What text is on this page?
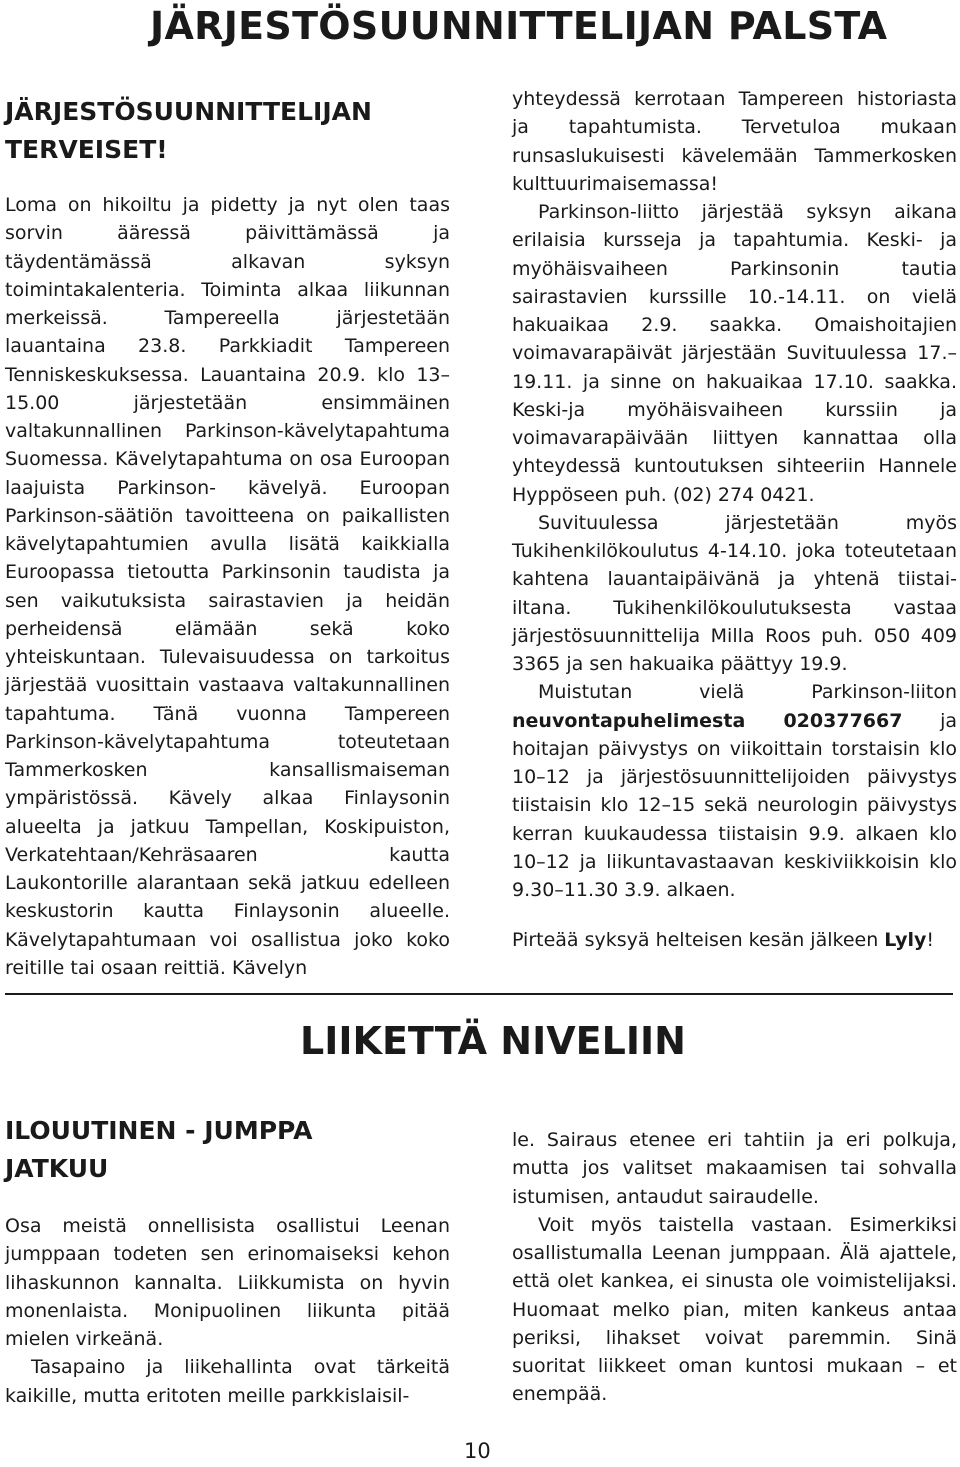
JÄRJESTÖSUUNNITTELIJAN PALSTA
JÄRJESTÖSUUNNITTELIJAN TERVEISET!

Loma on hikoiltu ja pidetty ja nyt olen taas sorvin ääressä päivittämässä ja täydentämässä alkavan syksyn toimintakalenteria. Toiminta alkaa liikunnan merkeissä. Tampereella järjestetään lauantaina 23.8. Parkkiadit Tampereen Tenniskeskuksessa. Lauantaina 20.9. klo 13–15.00 järjestetään ensimmäinen valtakunnallinen Parkinson-kävelytapahtuma Suomessa. Kävelytapahtuma on osa Euroopan laajuista Parkinson- kävelyä. Euroopan Parkinson-säätiön tavoitteena on paikallisten kävelytapahtumien avulla lisätä kaikkialla Euroopassa tietoutta Parkinsonin taudista ja sen vaikutuksista sairastavien ja heidän perheidensä elämään sekä koko yhteiskuntaan. Tulevaisuudessa on tarkoitus järjestää vuosittain vastaava valtakunnallinen tapahtuma. Tänä vuonna Tampereen Parkinson-kävelytapahtuma toteutetaan Tammerkosken kansallismaiseman ympäristössä. Kävely alkaa Finlaysonin alueelta ja jatkuu Tampellan, Koskipuiston, Verkatehtaan/Kehräsaaren kautta Laukontorille alarantaan sekä jatkuu edelleen keskustorin kautta Finlaysonin alueelle. Kävelytapahtumaan voi osallistua joko koko reitille tai osaan reittiä. Kävelyn

yhteydessä kerrotaan Tampereen historiasta ja tapahtumista. Tervetuloa mukaan runsaslukuisesti kävelemään Tammerkosken kulttuurimaisemassa!

Parkinson-liitto järjestää syksyn aikana erilaisia kursseja ja tapahtumia. Keski- ja myöhäisvaiheen Parkinsonin tautia sairastavien kurssille 10.-14.11. on vielä hakuaikaa 2.9. saakka. Omaishoitajien voimavarapäivät järjestään Suvituulessa 17.–19.11. ja sinne on hakuaikaa 17.10. saakka. Keski-ja myöhäisvaiheen kurssiin ja voimavarapäivään liittyen kannattaa olla yhteydessä kuntoutuksen sihteeriin Hannele Hyppöseen puh. (02) 274 0421.

Suvituulessa järjestetään myös Tukihenkilökoulutus 4-14.10. joka toteutetaan kahtena lauantaipäivänä ja yhtenä tiistai-iltana. Tukihenkilökoulutuksesta vastaa järjestösuunnittelija Milla Roos puh. 050 409 3365 ja sen hakuaika päättyy 19.9.

Muistutan vielä Parkinson-liiton neuvontapuhelimesta 020377667 ja hoitajan päivystys on viikoittain torstaisin klo 10–12 ja järjestösuunnittelijoiden päivystys tiistaisin klo 12–15 sekä neurologin päivystys kerran kuukaudessa tiistaisin 9.9. alkaen klo 10–12 ja liikuntavastaavan keskiviikkoisin klo 9.30–11.30 3.9. alkaen.

Pirteää syksyä helteisen kesän jälkeen Lyly!

LIIKETTÄ NIVELIIN
ILOUUTINEN - JUMPPA JATKUU

Osa meistä onnellisista osallistui Leenan jumppaan todeten sen erinomaiseksi kehon lihaskunnon kannalta. Liikkumista on hyvin monenlaista. Monipuolinen liikunta pitää mielen virkeänä.

Tasapaino ja liikehallinta ovat tärkeitä kaikille, mutta eritoten meille parkkislaisil-

le. Sairaus etenee eri tahtiin ja eri polkuja, mutta jos valitset makaamisen tai sohvalla istumisen, antaudut sairaudelle.

Voit myös taistella vastaan. Esimerkiksi osallistumalla Leenan jumppaan. Älä ajattele, että olet kankea, ei sinusta ole voimistelijaksi. Huomaat melko pian, miten kankeus antaa periksi, lihakset voivat paremmin. Sinä suoritat liikkeet oman kuntosi mukaan – et enempää.

10
